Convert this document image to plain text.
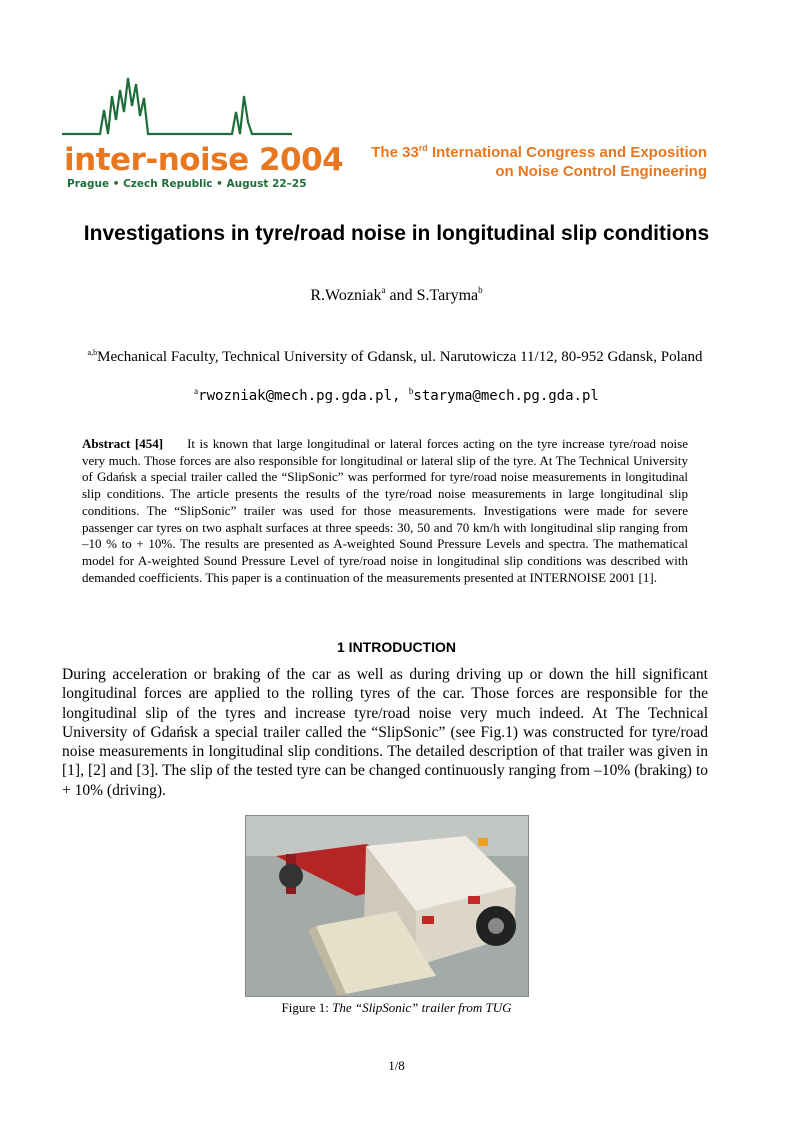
inter-noise 2004
Prague • Czech Republic • August 22–25
The 33rd International Congress and Exposition
on Noise Control Engineering
Investigations in tyre/road noise in longitudinal slip conditions
R.Wozniak$^a$ and S.Taryma$^b$
$^{a,b}$Mechanical Faculty, Technical University of Gdansk, ul. Narutowicza 11/12, 80-952 Gdansk, Poland
$^a$rwozniak@mech.pg.gda.pl, $^b$staryma@mech.pg.gda.pl
Abstract [454] It is known that large longitudinal or lateral forces acting on the tyre increase tyre/road noise very much. Those forces are also responsible for longitudinal or lateral slip of the tyre. At The Technical University of Gdańsk a special trailer called the “SlipSonic” was performed for tyre/road noise measurements in longitudinal slip conditions. The article presents the results of the tyre/road noise measurements in large longitudinal slip conditions. The “SlipSonic” trailer was used for those measurements. Investigations were made for severe passenger car tyres on two asphalt surfaces at three speeds: 30, 50 and 70 km/h with longitudinal slip ranging from –10 % to + 10%. The results are presented as A-weighted Sound Pressure Levels and spectra. The mathematical model for A-weighted Sound Pressure Level of tyre/road noise in longitudinal slip conditions was described with demanded coefficients. This paper is a continuation of the measurements presented at INTERNOISE 2001 [1].
1 INTRODUCTION
During acceleration or braking of the car as well as during driving up or down the hill significant longitudinal forces are applied to the rolling tyres of the car. Those forces are responsible for the longitudinal slip of the tyres and increase tyre/road noise very much indeed. At The Technical University of Gdańsk a special trailer called the “SlipSonic” (see Fig.1) was constructed for tyre/road noise measurements in longitudinal slip conditions. The detailed description of that trailer was given in [1], [2] and [3]. The slip of the tested tyre can be changed continuously ranging from –10% (braking) to + 10% (driving).
Figure 1: The “SlipSonic” trailer from TUG
1/8
